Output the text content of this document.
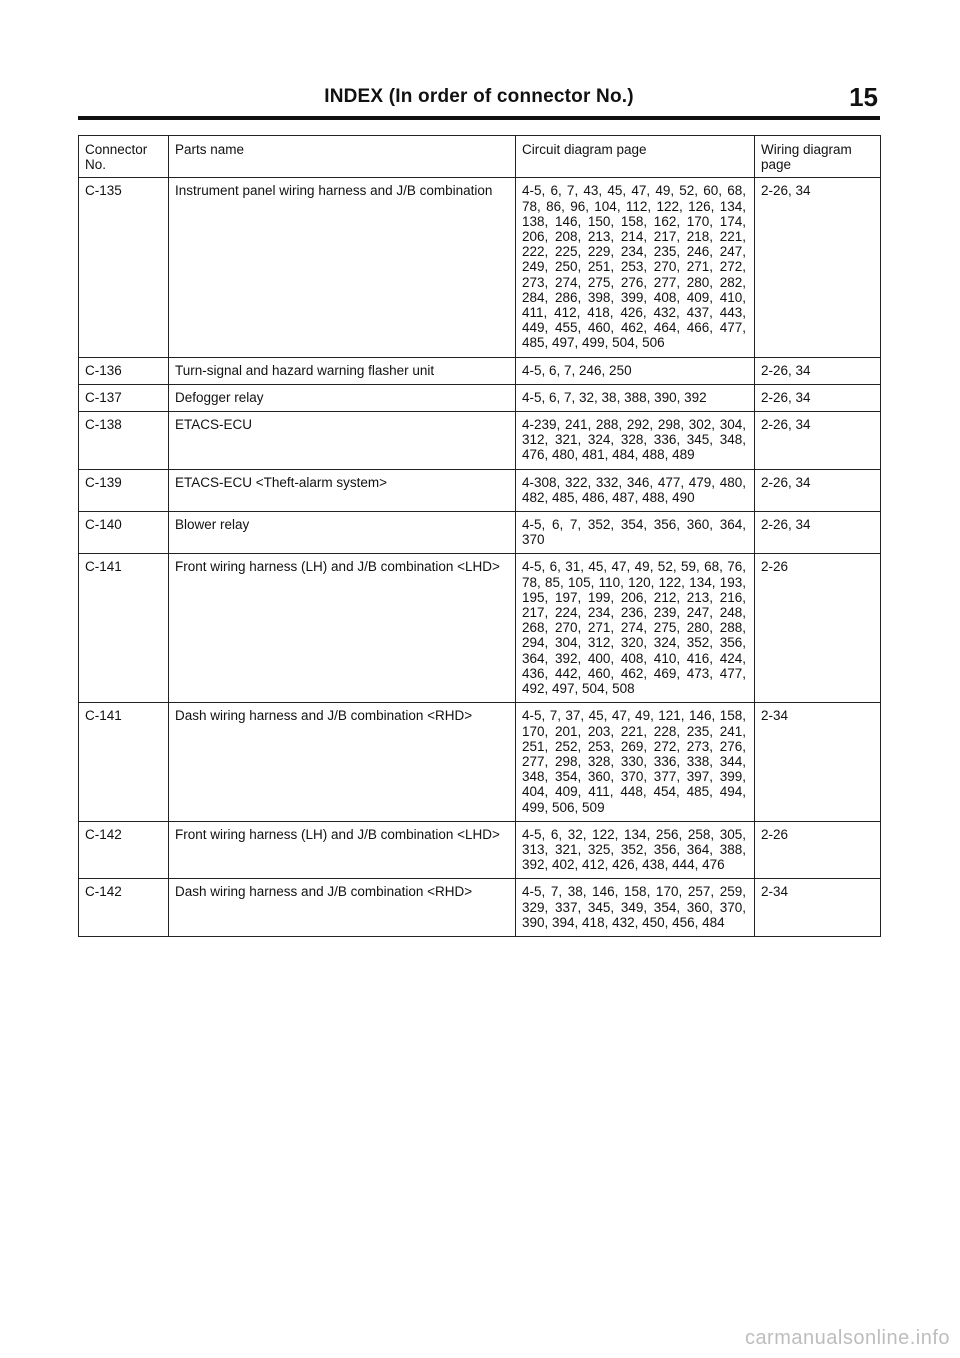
INDEX (In order of connector No.)	15
Connector No.	Parts name	Circuit diagram page	Wiring diagram page
C-135	Instrument panel wiring harness and J/B combination	4-5, 6, 7, 43, 45, 47, 49, 52, 60, 68, 78, 86, 96, 104, 112, 122, 126, 134, 138, 146, 150, 158, 162, 170, 174, 206, 208, 213, 214, 217, 218, 221, 222, 225, 229, 234, 235, 246, 247, 249, 250, 251, 253, 270, 271, 272, 273, 274, 275, 276, 277, 280, 282, 284, 286, 398, 399, 408, 409, 410, 411, 412, 418, 426, 432, 437, 443, 449, 455, 460, 462, 464, 466, 477, 485, 497, 499, 504, 506	2-26, 34
C-136	Turn-signal and hazard warning flasher unit	4-5, 6, 7, 246, 250	2-26, 34
C-137	Defogger relay	4-5, 6, 7, 32, 38, 388, 390, 392	2-26, 34
C-138	ETACS-ECU	4-239, 241, 288, 292, 298, 302, 304, 312, 321, 324, 328, 336, 345, 348, 476, 480, 481, 484, 488, 489	2-26, 34
C-139	ETACS-ECU <Theft-alarm system>	4-308, 322, 332, 346, 477, 479, 480, 482, 485, 486, 487, 488, 490	2-26, 34
C-140	Blower relay	4-5, 6, 7, 352, 354, 356, 360, 364, 370	2-26, 34
C-141	Front wiring harness (LH) and J/B combination <LHD>	4-5, 6, 31, 45, 47, 49, 52, 59, 68, 76, 78, 85, 105, 110, 120, 122, 134, 193, 195, 197, 199, 206, 212, 213, 216, 217, 224, 234, 236, 239, 247, 248, 268, 270, 271, 274, 275, 280, 288, 294, 304, 312, 320, 324, 352, 356, 364, 392, 400, 408, 410, 416, 424, 436, 442, 460, 462, 469, 473, 477, 492, 497, 504, 508	2-26
C-141	Dash wiring harness and J/B combination <RHD>	4-5, 7, 37, 45, 47, 49, 121, 146, 158, 170, 201, 203, 221, 228, 235, 241, 251, 252, 253, 269, 272, 273, 276, 277, 298, 328, 330, 336, 338, 344, 348, 354, 360, 370, 377, 397, 399, 404, 409, 411, 448, 454, 485, 494, 499, 506, 509	2-34
C-142	Front wiring harness (LH) and J/B combination <LHD>	4-5, 6, 32, 122, 134, 256, 258, 305, 313, 321, 325, 352, 356, 364, 388, 392, 402, 412, 426, 438, 444, 476	2-26
C-142	Dash wiring harness and J/B combination <RHD>	4-5, 7, 38, 146, 158, 170, 257, 259, 329, 337, 345, 349, 354, 360, 370, 390, 394, 418, 432, 450, 456, 484	2-34
carmanualsonline.info
